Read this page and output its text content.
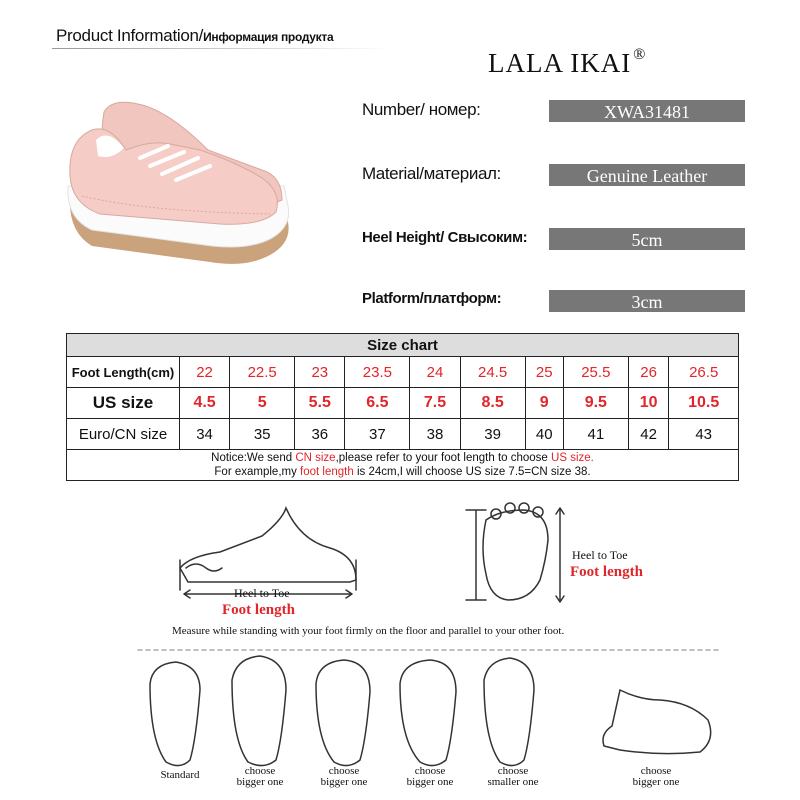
Product Information/Информация продукта
LALA IKAI ®
Number/ номер:	XWA31481
Material/материал:	Genuine Leather
Heel Height/ Свысоким:	5cm
Platform/платформ:	3cm
Size chart										
Foot Length(cm)	22	22.5	23	23.5	24	24.5	25	25.5	26	26.5
US size	4.5	5	5.5	6.5	7.5	8.5	9	9.5	10	10.5
Euro/CN size	34	35	36	37	38	39	40	41	42	43
Notice:We send CN size,please refer to your foot length to choose US size.
For example,my foot length is 24cm,I will choose US size 7.5=CN size 38.										
Heel to Toe
Foot length
Heel to Toe
Foot length
Measure while standing with your foot firmly on the floor and parallel to your other foot.
Standard	choose
bigger one
choose
bigger one
choose
bigger one
choose
smaller one
choose
bigger one
